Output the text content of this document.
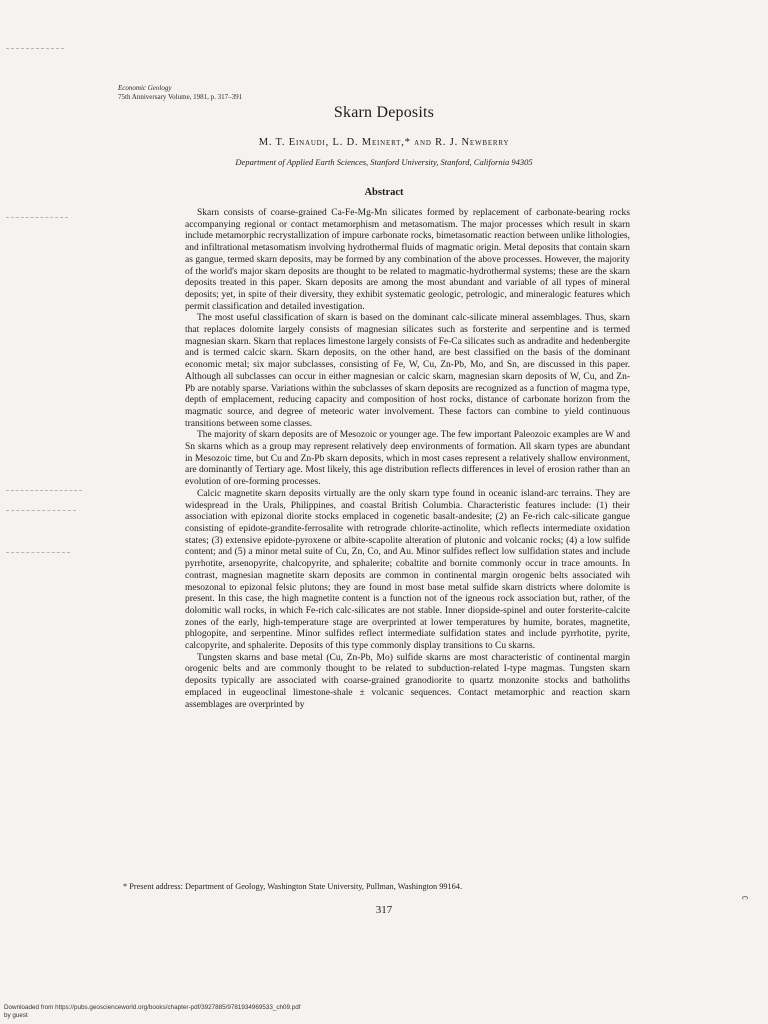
Economic Geology
75th Anniversary Volume, 1981, p. 317–391
Skarn Deposits
M. T. Einaudi, L. D. Meinert,* and R. J. Newberry
Department of Applied Earth Sciences, Stanford University, Stanford, California 94305
Abstract

Skarn consists of coarse-grained Ca-Fe-Mg-Mn silicates formed by replacement of carbonate-bearing rocks accompanying regional or contact metamorphism and metasomatism. The major processes which result in skarn include metamorphic recrystallization of impure carbonate rocks, bimetasomatic reaction between unlike lithologies, and infiltrational metasomatism involving hydrothermal fluids of magmatic origin. Metal deposits that contain skarn as gangue, termed skarn deposits, may be formed by any combination of the above processes. However, the majority of the world's major skarn deposits are thought to be related to magmatic-hydrothermal systems; these are the skarn deposits treated in this paper. Skarn deposits are among the most abundant and variable of all types of mineral deposits; yet, in spite of their diversity, they exhibit systematic geologic, petrologic, and mineralogic features which permit classification and detailed investigation.

The most useful classification of skarn is based on the dominant calc-silicate mineral assemblages. Thus, skarn that replaces dolomite largely consists of magnesian silicates such as forsterite and serpentine and is termed magnesian skarn. Skarn that replaces limestone largely consists of Fe-Ca silicates such as andradite and hedenbergite and is termed calcic skarn. Skarn deposits, on the other hand, are best classified on the basis of the dominant economic metal; six major subclasses, consisting of Fe, W, Cu, Zn-Pb, Mo, and Sn, are discussed in this paper. Although all subclasses can occur in either magnesian or calcic skarn, magnesian skarn deposits of W, Cu, and Zn-Pb are notably sparse. Variations within the subclasses of skarn deposits are recognized as a function of magma type, depth of emplacement, reducing capacity and composition of host rocks, distance of carbonate horizon from the magmatic source, and degree of meteoric water involvement. These factors can combine to yield continuous transitions between some classes.

The majority of skarn deposits are of Mesozoic or younger age. The few important Paleozoic examples are W and Sn skarns which as a group may represent relatively deep environments of formation. All skarn types are abundant in Mesozoic time, but Cu and Zn-Pb skarn deposits, which in most cases represent a relatively shallow environment, are dominantly of Tertiary age. Most likely, this age distribution reflects differences in level of erosion rather than an evolution of ore-forming processes.

Calcic magnetite skarn deposits virtually are the only skarn type found in oceanic island-arc terrains. They are widespread in the Urals, Philippines, and coastal British Columbia. Characteristic features include: (1) their association with epizonal diorite stocks emplaced in cogenetic basalt-andesite; (2) an Fe-rich calc-silicate gangue consisting of epidote-grandite-ferrosalite with retrograde chlorite-actinolite, which reflects intermediate oxidation states; (3) extensive epidote-pyroxene or albite-scapolite alteration of plutonic and volcanic rocks; (4) a low sulfide content; and (5) a minor metal suite of Cu, Zn, Co, and Au. Minor sulfides reflect low sulfidation states and include pyrrhotite, arsenopyrite, chalcopyrite, and sphalerite; cobaltite and bornite commonly occur in trace amounts. In contrast, magnesian magnetite skarn deposits are common in continental margin orogenic belts associated wih mesozonal to epizonal felsic plutons; they are found in most base metal sulfide skarn districts where dolomite is present. In this case, the high magnetite content is a function not of the igneous rock association but, rather, of the dolomitic wall rocks, in which Fe-rich calc-silicates are not stable. Inner diopside-spinel and outer forsterite-calcite zones of the early, high-temperature stage are overprinted at lower temperatures by humite, borates, magnetite, phlogopite, and serpentine. Minor sulfides reflect intermediate sulfidation states and include pyrrhotite, pyrite, calcopyrite, and sphalerite. Deposits of this type commonly display transitions to Cu skarns.

Tungsten skarns and base metal (Cu, Zn-Pb, Mo) sulfide skarns are most characteristic of continental margin orogenic belts and are commonly thought to be related to subduction-related I-type magmas. Tungsten skarn deposits typically are associated with coarse-grained granodiorite to quartz monzonite stocks and batholiths emplaced in eugeoclinal limestone-shale ± volcanic sequences. Contact metamorphic and reaction skarn assemblages are overprinted by

* Present address: Department of Geology, Washington State University, Pullman, Washington 99164.
317
Downloaded from https://pubs.geoscienceworld.org/books/chapter-pdf/3927885/9781934969533_ch09.pdf
by guest
